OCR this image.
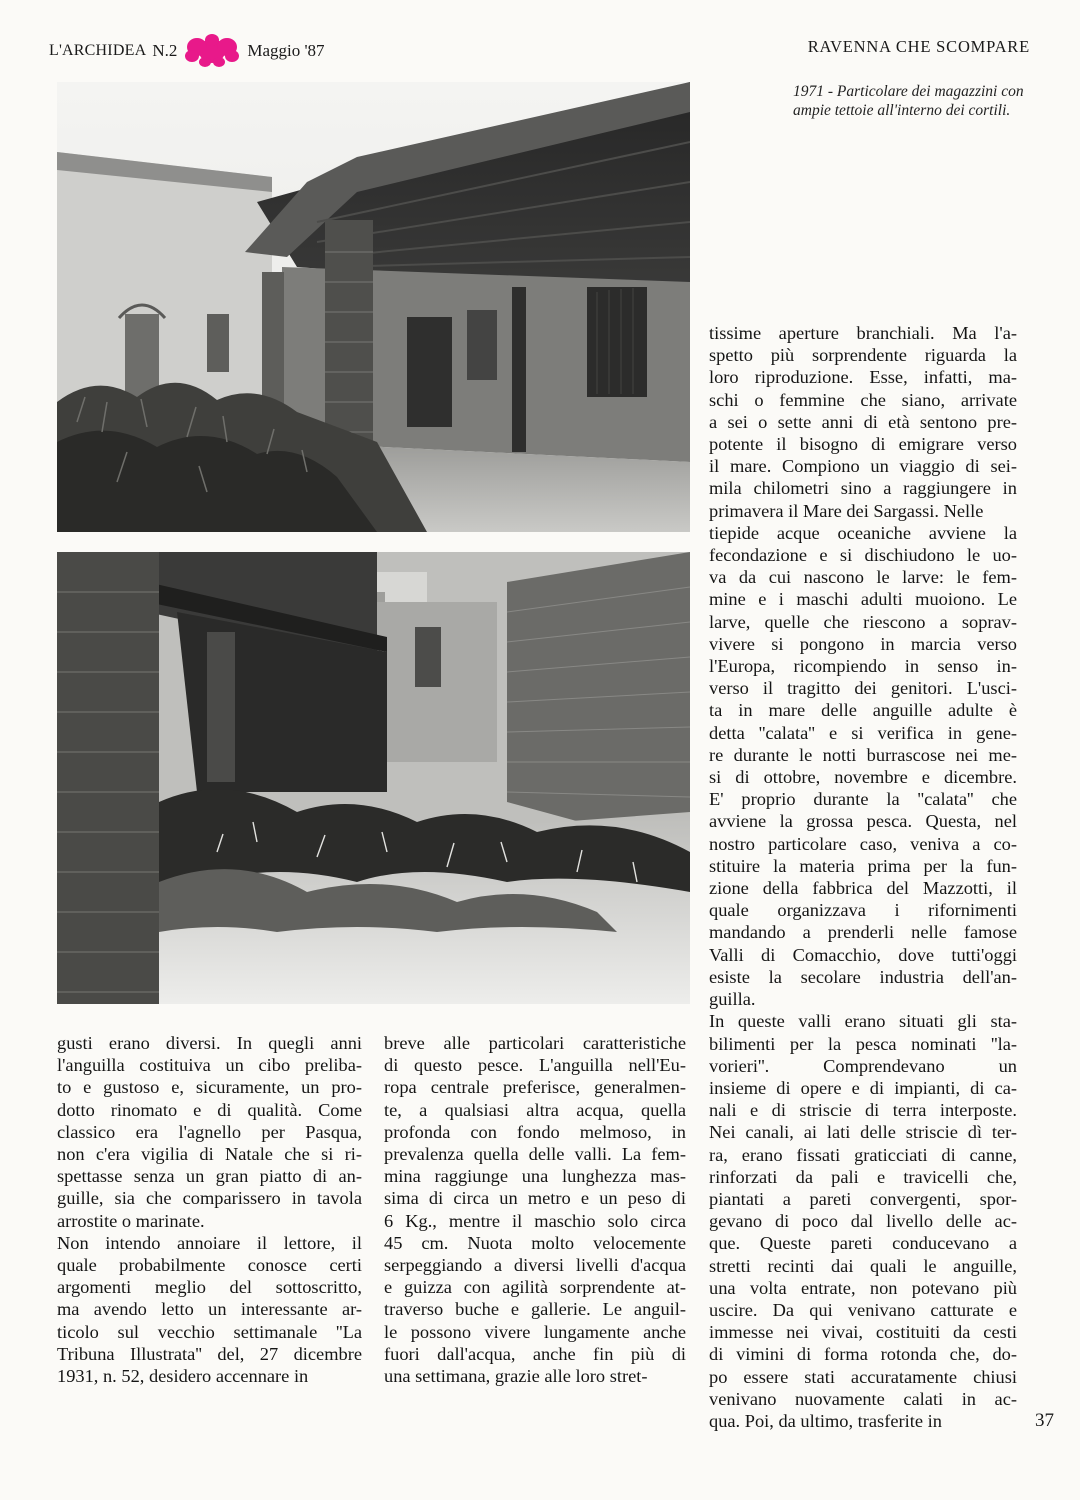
L'ARCHIDEA N.2	Maggio '87	RAVENNA CHE SCOMPARE
1971 - Particolare dei magazzini con ampie tettoie all'interno dei cortili.
gusti erano diversi. In quegli anni
l'anguilla costituiva un cibo preliba-
to e gustoso e, sicuramente, un pro-
dotto rinomato e di qualità. Come
classico era l'agnello per Pasqua,
non c'era vigilia di Natale che si ri-
spettasse senza un gran piatto di an-
guille, sia che comparissero in tavola
arrostite o marinate.
Non intendo annoiare il lettore, il
quale probabilmente conosce certi
argomenti meglio del sottoscritto,
ma avendo letto un interessante ar-
ticolo sul vecchio settimanale ''La
Tribuna Illustrata'' del, 27 dicembre
1931, n. 52, desidero accennare in
breve alle particolari caratteristiche
di questo pesce. L'anguilla nell'Eu-
ropa centrale preferisce, generalmen-
te, a qualsiasi altra acqua, quella
profonda con fondo melmoso, in
prevalenza quella delle valli. La fem-
mina raggiunge una lunghezza mas-
sima di circa un metro e un peso di
6 Kg., mentre il maschio solo circa
45 cm. Nuota molto velocemente
serpeggiando a diversi livelli d'acqua
e guizza con agilità sorprendente at-
traverso buche e gallerie. Le anguil-
le possono vivere lungamente anche
fuori dall'acqua, anche fin più di
una settimana, grazie alle loro stret-
tissime aperture branchiali. Ma l'a-
spetto più sorprendente riguarda la
loro riproduzione. Esse, infatti, ma-
schi o femmine che siano, arrivate
a sei o sette anni di età sentono pre-
potente il bisogno di emigrare verso
il mare. Compiono un viaggio di sei-
mila chilometri sino a raggiungere in
primavera il Mare dei Sargassi. Nelle
tiepide acque oceaniche avviene la
fecondazione e si dischiudono le uo-
va da cui nascono le larve: le fem-
mine e i maschi adulti muoiono. Le
larve, quelle che riescono a soprav-
vivere si pongono in marcia verso
l'Europa, ricompiendo in senso in-
verso il tragitto dei genitori. L'usci-
ta in mare delle anguille adulte è
detta ''calata'' e si verifica in gene-
re durante le notti burrascose nei me-
si di ottobre, novembre e dicembre.
E' proprio durante la ''calata'' che
avviene la grossa pesca. Questa, nel
nostro particolare caso, veniva a co-
stituire la materia prima per la fun-
zione della fabbrica del Mazzotti, il
quale organizzava i rifornimenti
mandando a prenderli nelle famose
Valli di Comacchio, dove tutti'oggi
esiste la secolare industria dell'an-
guilla.
In queste valli erano situati gli sta-
bilimenti per la pesca nominati ''la-
vorieri''. Comprendevano un
insieme di opere e di impianti, di ca-
nali e di striscie di terra interposte.
Nei canali, ai lati delle striscie dì ter-
ra, erano fissati graticciati di canne,
rinforzati da pali e travicelli che,
piantati a pareti convergenti, spor-
gevano di poco dal livello delle ac-
que. Queste pareti conducevano a
stretti recinti dai quali le anguille,
una volta entrate, non potevano più
uscire. Da qui venivano catturate e
immesse nei vivai, costituiti da cesti
di vimini di forma rotonda che, do-
po essere stati accuratamente chiusi
venivano nuovamente calati in ac-
qua. Poi, da ultimo, trasferite in	37
